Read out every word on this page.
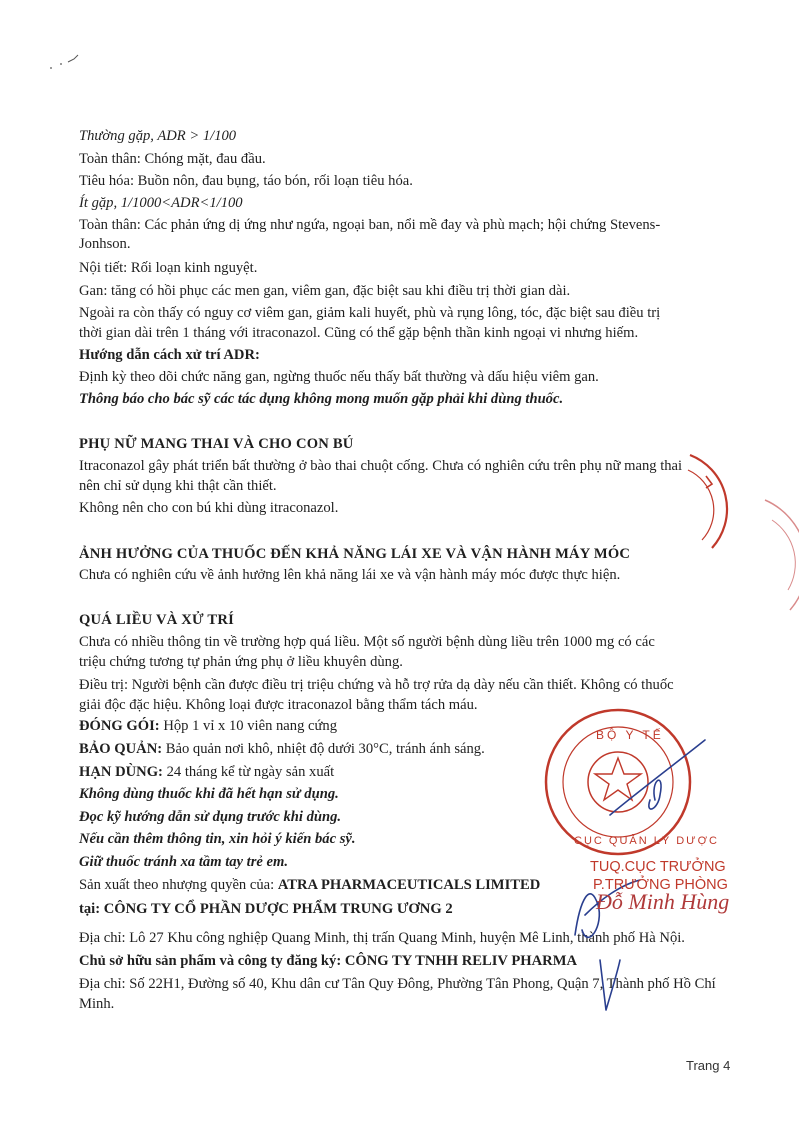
Thường gặp, ADR > 1/100
Toàn thân: Chóng mặt, đau đầu.
Tiêu hóa: Buồn nôn, đau bụng, táo bón, rối loạn tiêu hóa.
Ít gặp, 1/1000<ADR<1/100
Toàn thân: Các phản ứng dị ứng như ngứa, ngoại ban, nổi mề đay và phù mạch; hội chứng Stevens-
Jonhson.
Nội tiết: Rối loạn kinh nguyệt.
Gan: tăng có hồi phục các men gan, viêm gan, đặc biệt sau khi điều trị thời gian dài.
Ngoài ra còn thấy có nguy cơ viêm gan, giảm kali huyết, phù và rụng lông, tóc, đặc biệt sau điều trị
thời gian dài trên 1 tháng với itraconazol. Cũng có thể gặp bệnh thần kinh ngoại vi nhưng hiếm.
Hướng dẫn cách xử trí ADR:
Định kỳ theo dõi chức năng gan, ngừng thuốc nếu thấy bất thường và dấu hiệu viêm gan.
Thông báo cho bác sỹ các tác dụng không mong muốn gặp phải khi dùng thuốc.
PHỤ NỮ MANG THAI VÀ CHO CON BÚ
Itraconazol gây phát triển bất thường ở bào thai chuột cống. Chưa có nghiên cứu trên phụ nữ mang thai
nên chỉ sử dụng khi thật cần thiết.
Không nên cho con bú khi dùng itraconazol.
ẢNH HƯỞNG CỦA THUỐC ĐẾN KHẢ NĂNG LÁI XE VÀ VẬN HÀNH MÁY MÓC
Chưa có nghiên cứu về ảnh hưởng lên khả năng lái xe và vận hành máy móc được thực hiện.
QUÁ LIỀU VÀ XỬ TRÍ
Chưa có nhiều thông tin về trường hợp quá liều. Một số người bệnh dùng liều trên 1000 mg có các
triệu chứng tương tự phản ứng phụ ở liều khuyên dùng.
Điều trị: Người bệnh cần được điều trị triệu chứng và hỗ trợ rửa dạ dày nếu cần thiết. Không có thuốc
giải độc đặc hiệu. Không loại được itraconazol bằng thẩm tách máu.
ĐÓNG GÓI: Hộp 1 vỉ x 10 viên nang cứng
BẢO QUẢN: Bảo quản nơi khô, nhiệt độ dưới 30°C, tránh ánh sáng.
HẠN DÙNG: 24 tháng kể từ ngày sản xuất
Không dùng thuốc khi đã hết hạn sử dụng.
Đọc kỹ hướng dẫn sử dụng trước khi dùng.
Nếu cần thêm thông tin, xin hỏi ý kiến bác sỹ.
Giữ thuốc tránh xa tầm tay trẻ em.
Sản xuất theo nhượng quyền của: ATRA PHARMACEUTICALS LIMITED
tại: CÔNG TY CỔ PHẦN DƯỢC PHẨM TRUNG ƯƠNG 2
Địa chỉ: Lô 27 Khu công nghiệp Quang Minh, thị trấn Quang Minh, huyện Mê Linh, thành phố Hà Nội.
Chủ sở hữu sản phẩm và công ty đăng ký: CÔNG TY TNHH RELIV PHARMA
Địa chỉ: Số 22H1, Đường số 40, Khu dân cư Tân Quy Đông, Phường Tân Phong, Quận 7, Thành phố Hồ Chí
Minh.
BỘ Y TẾ
CỤC QUẢN LÝ DƯỢC
TUQ.CỤC TRƯỞNG
P.TRƯỞNG PHÒNG
Đỗ Minh Hùng
Trang 4
